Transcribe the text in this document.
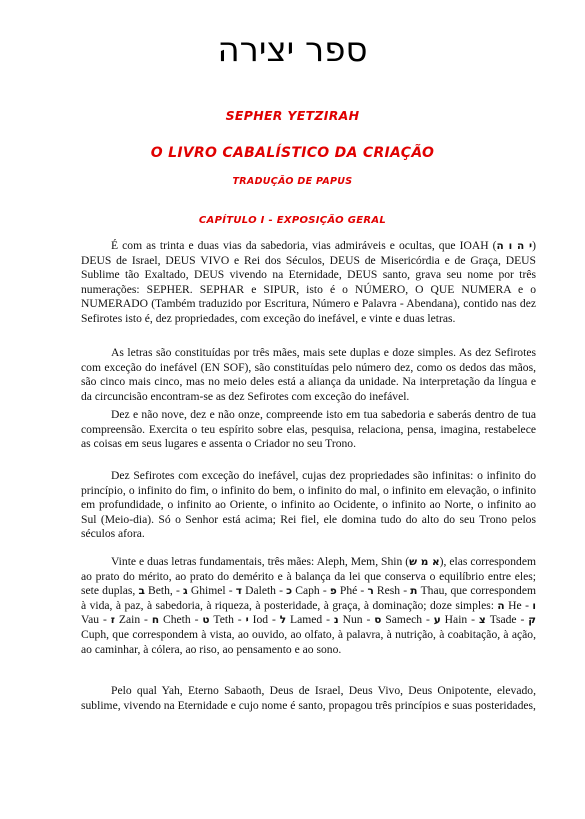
ספר יצירה
SEPHER YETZIRAH
O LIVRO CABALÍSTICO DA CRIAÇÃO
TRADUÇÃO DE PAPUS
CAPÍTULO I - EXPOSIÇÃO GERAL

É com as trinta e duas vias da sabedoria, vias admiráveis e ocultas, que IOAH (י ה ו ה) DEUS de Israel, DEUS VIVO e Rei dos Séculos, DEUS de Misericórdia e de Graça, DEUS Sublime tão Exaltado, DEUS vivendo na Eternidade, DEUS santo, grava seu nome por três numerações: SEPHER. SEPHAR e SIPUR, isto é o NÚMERO, O QUE NUMERA e o NUMERADO (Também traduzido por Escritura, Número e Palavra - Abendana), contido nas dez Sefirotes isto é, dez propriedades, com exceção do inefável, e vinte e duas letras.

As letras são constituídas por três mães, mais sete duplas e doze simples. As dez Sefirotes com exceção do inefável (EN SOF), são constituídas pelo número dez, como os dedos das mãos, são cinco mais cinco, mas no meio deles está a aliança da unidade. Na interpretação da língua e da circuncisão encontram-se as dez Sefirotes com exceção do inefável.

Dez e não nove, dez e não onze, compreende isto em tua sabedoria e saberás dentro de tua compreensão. Exercita o teu espírito sobre elas, pesquisa, relaciona, pensa, imagina, restabelece as coisas em seus lugares e assenta o Criador no seu Trono.

Dez Sefirotes com exceção do inefável, cujas dez propriedades são infinitas: o infinito do princípio, o infinito do fim, o infinito do bem, o infinito do mal, o infinito em elevação, o infinito em profundidade, o infinito ao Oriente, o infinito ao Ocidente, o infinito ao Norte, o infinito ao Sul (Meio-dia). Só o Senhor está acima; Rei fiel, ele domina tudo do alto do seu Trono pelos séculos afora.

Vinte e duas letras fundamentais, três mães: Aleph, Mem, Shin (א מ ש), elas correspondem ao prato do mérito, ao prato do demérito e à balança da lei que conserva o equilíbrio entre eles; sete duplas, ב Beth, - ג Ghimel - ד Daleth - כ Caph - פ Phé - ר Resh - ת Thau, que correspondem à vida, à paz, à sabedoria, à riqueza, à posteridade, à graça, à dominação; doze simples: ה He - ו Vau - ז Zain - ח Cheth - ט Teth - י Iod - ל Lamed - נ Nun - ס Samech - ע Hain - צ Tsade - ק Cuph, que correspondem à vista, ao ouvido, ao olfato, à palavra, à nutrição, à coabitação, à ação, ao caminhar, à cólera, ao riso, ao pensamento e ao sono.

Pelo qual Yah, Eterno Sabaoth, Deus de Israel, Deus Vivo, Deus Onipotente, elevado, sublime, vivendo na Eternidade e cujo nome é santo, propagou três princípios e suas posteridades,
